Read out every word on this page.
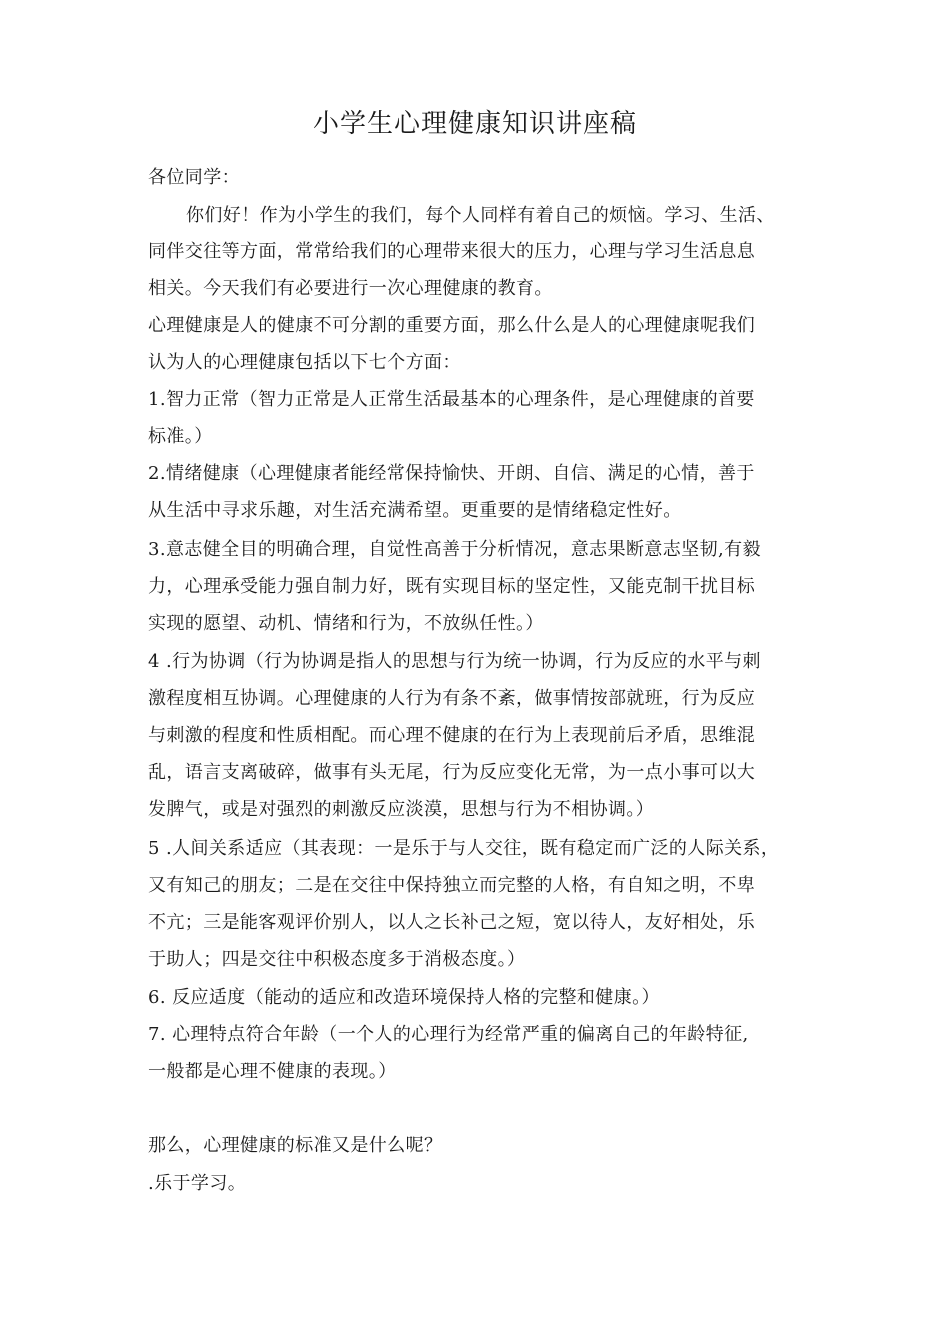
小学生心理健康知识讲座稿
各位同学：
你们好！作为小学生的我们，每个人同样有着自己的烦恼。学习、生活、
同伴交往等方面，常常给我们的心理带来很大的压力，心理与学习生活息息
相关。今天我们有必要进行一次心理健康的教育。
心理健康是人的健康不可分割的重要方面，那么什么是人的心理健康呢我们
认为人的心理健康包括以下七个方面：
1.智力正常（智力正常是人正常生活最基本的心理条件，是心理健康的首要
标准。）
2.情绪健康（心理健康者能经常保持愉快、开朗、自信、满足的心情，善于
从生活中寻求乐趣，对生活充满希望。更重要的是情绪稳定性好。
3.意志健全目的明确合理，自觉性高善于分析情况，意志果断意志坚韧,有毅
力，心理承受能力强自制力好，既有实现目标的坚定性，又能克制干扰目标
实现的愿望、动机、情绪和行为，不放纵任性。）
4 .行为协调（行为协调是指人的思想与行为统一协调，行为反应的水平与刺
激程度相互协调。心理健康的人行为有条不紊，做事情按部就班，行为反应
与刺激的程度和性质相配。而心理不健康的在行为上表现前后矛盾，思维混
乱，语言支离破碎，做事有头无尾，行为反应变化无常，为一点小事可以大
发脾气，或是对强烈的刺激反应淡漠，思想与行为不相协调。）
5 .人间关系适应（其表现：一是乐于与人交往，既有稳定而广泛的人际关系，
又有知己的朋友；二是在交往中保持独立而完整的人格，有自知之明，不卑
不亢；三是能客观评价别人，以人之长补己之短，宽以待人，友好相处，乐
于助人；四是交往中积极态度多于消极态度。）
6. 反应适度（能动的适应和改造环境保持人格的完整和健康。）
7. 心理特点符合年龄（一个人的心理行为经常严重的偏离自己的年龄特征,
一般都是心理不健康的表现。）
那么，心理健康的标准又是什么呢？
.乐于学习。
